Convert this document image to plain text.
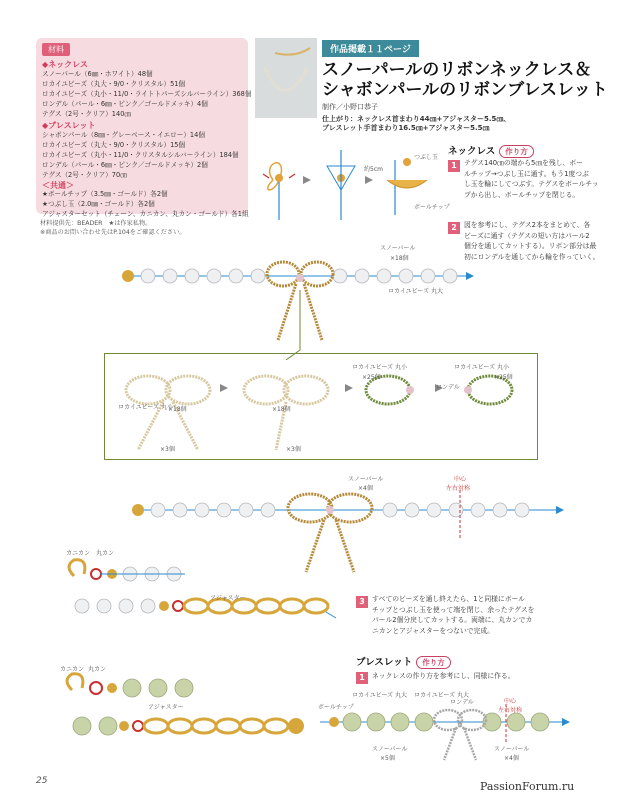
材料
◆ネックレス
スノーパール（6㎜・ホワイト）48個
ロカイユビーズ（丸大・9/0・クリスタル）51個
ロカイユビーズ（丸小・11/0・ライトトパーズシルバーライン）368個
ロンデル（パール・6㎜・ピンク／ゴールドメッキ）4個
テグス（2号・クリア）140㎝
◆ブレスレット
シャボンパール（8㎜・グレーベース・イエロー）14個
ロカイユビーズ（丸大・9/0・クリスタル）15個
ロカイユビーズ（丸小・11/0・クリスタルシルバーライン）184個
ロンデル（パール・6㎜・ピンク／ゴールドメッキ）2個
テグス（2号・クリア）70㎝
＜共通＞
★ボールチップ（3.5㎜・ゴールド）各2個
★つぶし玉（2.0㎜・ゴールド）各2個
アジャスターセット（チェーン、カニカン、丸カン・ゴールド）各1組
材料提供先：BEADER　★は作家私物。
※商品のお問い合わせ先はP.104をご確認ください。
作品掲載１１ページ
スノーパールのリボンネックレス＆
シャボンパールのリボンブレスレット
制作／小野口恭子
仕上がり：ネックレス首まわり44㎝+アジャスター5.5㎝、
ブレスレット手首まわり16.5㎝+アジャスター5.5㎝
約5cm
つぶし玉
ボールチップ
ネックレス 作り方
1	テグス140㎝の端から5㎝を残し、ボー
ルチップ→つぶし玉に通す。もう1度つぶ
し玉を輪にしてつぶす。テグスをボールチッ
プから出し、ボールチップを閉じる。
2	図を参考にし、テグス2本をまとめて、各
ビーズに通す（テグスの短い方はパール2
個分を通してカットする）。リボン部分は最
初にロンデルを通してから輪を作っていく。
スノーパール
×18個
ロカイユビーズ 丸大
×18個	×18個
×3個	×3個
ロカイユビーズ 丸小
ロカイユビーズ 丸小
×25個
ロカイユビーズ 丸小
×25個
ロンデル
スノーパール
×4個
中心
左右対称
カニカン 丸カン
アジャスター	3	すべてのビーズを通し終えたら、1と同様にボール
チップとつぶし玉を使って端を閉じ、余ったテグスを
パール2個分戻してカットする。両端に、丸カンでカ
ニカンとアジャスターをつないで完成。
ブレスレット 作り方
1	ネックレスの作り方を参考にし、同様に作る。
カニカン 丸カン
アジャスター	ボールチップ
ロカイユビーズ 丸大 ロカイユビーズ 丸大
ロンデル	中心
左右対称
スノーパール
×5個
スノーパール
×4個
25	PassionForum.ru
